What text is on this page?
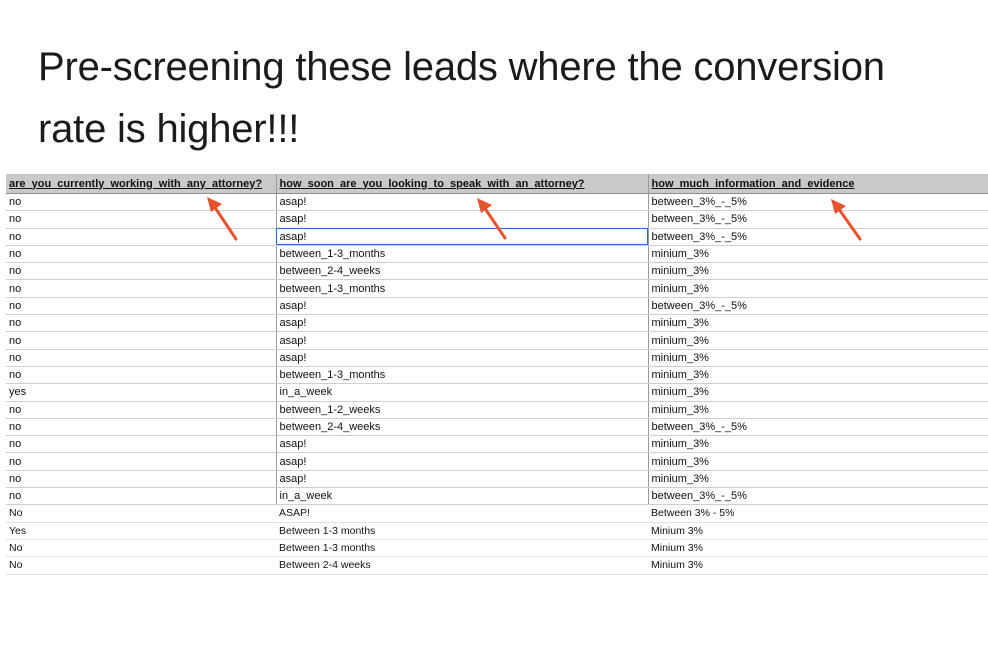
Pre-screening these leads where the conversion
rate is higher!!!
are_you_currently_working_with_any_attorney?	how_soon_are_you_looking_to_speak_with_an_attorney?	how_much_information_and_evidence
no	asap!	between_3%_-_5%
no	asap!	between_3%_-_5%
no	asap!	between_3%_-_5%
no	between_1-3_months	minium_3%
no	between_2-4_weeks	minium_3%
no	between_1-3_months	minium_3%
no	asap!	between_3%_-_5%
no	asap!	minium_3%
no	asap!	minium_3%
no	asap!	minium_3%
no	between_1-3_months	minium_3%
yes	in_a_week	minium_3%
no	between_1-2_weeks	minium_3%
no	between_2-4_weeks	between_3%_-_5%
no	asap!	minium_3%
no	asap!	minium_3%
no	asap!	minium_3%
no	in_a_week	between_3%_-_5%
No	ASAP!	Between 3% - 5%
Yes	Between 1-3 months	Minium 3%
No	Between 1-3 months	Minium 3%
No	Between 2-4 weeks	Minium 3%
